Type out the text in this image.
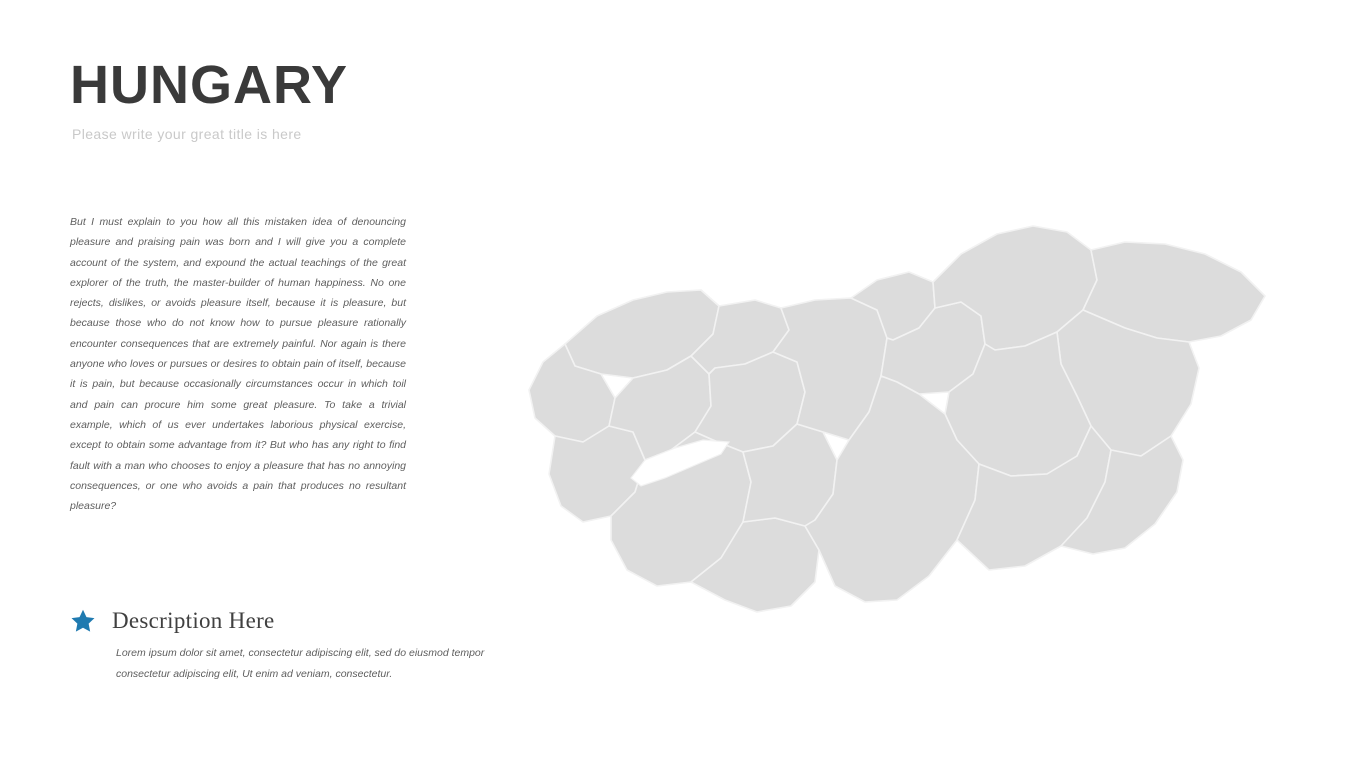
HUNGARY
Please write your great title is here
But I must explain to you how all this mistaken idea of denouncing pleasure and praising pain was born and I will give you a complete account of the system, and expound the actual teachings of the great explorer of the truth, the master-builder of human happiness. No one rejects, dislikes, or avoids pleasure itself, because it is pleasure, but because those who do not know how to pursue pleasure rationally encounter consequences that are extremely painful. Nor again is there anyone who loves or pursues or desires to obtain pain of itself, because it is pain, but because occasionally circumstances occur in which toil and pain can procure him some great pleasure. To take a trivial example, which of us ever undertakes laborious physical exercise, except to obtain some advantage from it? But who has any right to find fault with a man who chooses to enjoy a pleasure that has no annoying consequences, or one who avoids a pain that produces no resultant pleasure?
Description Here
Lorem ipsum dolor sit amet, consectetur adipiscing elit, sed do eiusmod tempor consectetur adipiscing elit, Ut enim ad veniam, consectetur.
